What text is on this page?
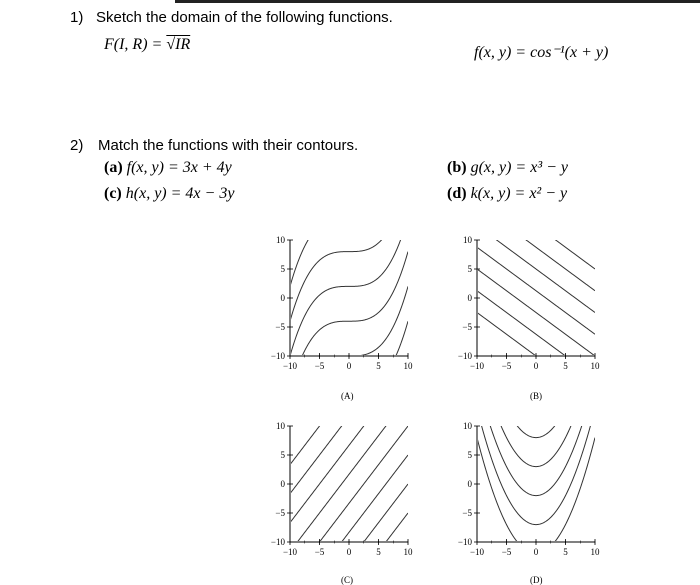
1) Sketch the domain of the following functions.
F(I, R) = √IR	f(x, y) = cos⁻¹(x + y)
2) Match the functions with their contours.
(a) f(x, y) = 3x + 4y
(c) h(x, y) = 4x − 3y
(b) g(x, y) = x³ − y
(d) k(x, y) = x² − y
−10
−10
−5
−5
0
0
5
5
10
10
−10
−10
−5
−5
0
0
5
5
10
10
−10
−10
−5
−5
0
0
5
5
10
10
−10
−10
−5
−5
0
0
5
5
10
10
(A)	(B)
(C)	(D)
